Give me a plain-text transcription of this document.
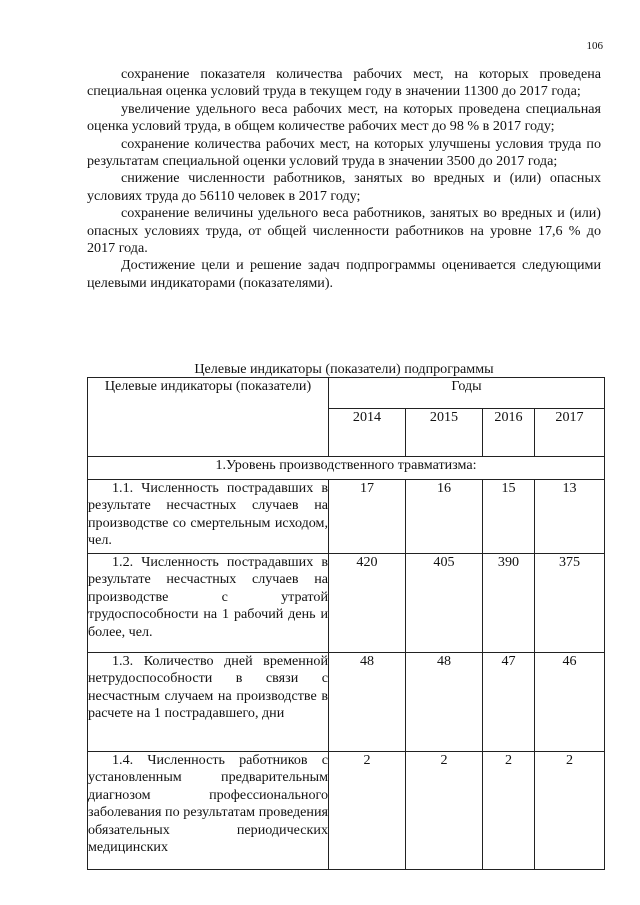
106

сохранение показателя количества рабочих мест, на которых проведена специальная оценка условий труда в текущем году в значении 11300 до 2017 года;

увеличение удельного веса рабочих мест, на которых проведена специальная оценка условий труда, в общем количестве рабочих мест до 98 % в 2017 году;

сохранение количества рабочих мест, на которых улучшены условия труда по результатам специальной оценки условий труда в значении 3500 до 2017 года;

снижение численности работников, занятых во вредных и (или) опасных условиях труда до 56110 человек в 2017 году;

сохранение величины удельного веса работников, занятых во вредных и (или) опасных условиях труда, от общей численности работников на уровне 17,6 % до 2017 года.

Достижение цели и решение задач подпрограммы оценивается следующими целевыми индикаторами (показателями).

Целевые индикаторы (показатели) подпрограммы
Целевые индикаторы (показатели)	Годы			
	2014	2015	2016	2017
1.Уровень производственного травматизма:				

1.1. Численность пострадавших в результате несчастных случаев на производстве со смертельным исходом, чел.	17	16	15	13

1.2. Численность пострадавших в результате несчастных случаев на производстве с утратой трудоспособности на 1 рабочий день и более, чел.	420	405	390	375

1.3. Количество дней временной нетрудоспособности в связи с несчастным случаем на производстве в расчете на 1 пострадавшего, дни	48	48	47	46

1.4. Численность работников с установленным предварительным диагнозом профессионального заболевания по результатам проведения обязательных периодических медицинских	2	2	2	2
